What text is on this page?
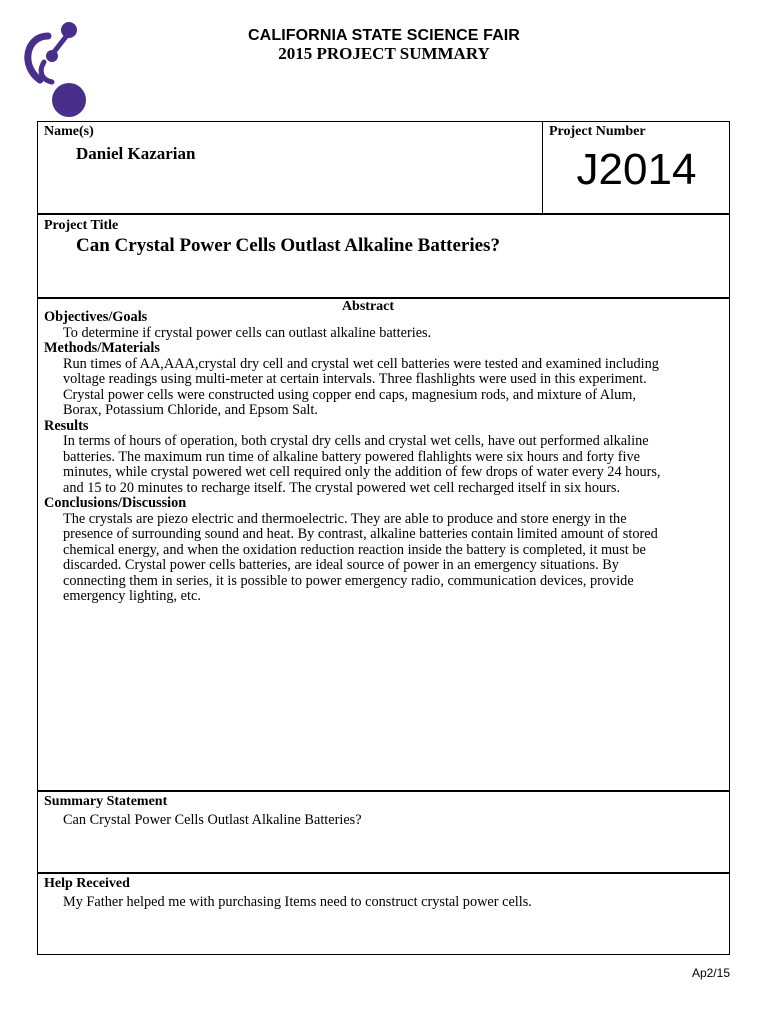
CALIFORNIA STATE SCIENCE FAIR
2015 PROJECT SUMMARY
Name(s)
Daniel Kazarian
Project Number
J2014
Project Title
Can Crystal Power Cells Outlast Alkaline Batteries?
Abstract
Objectives/Goals
To determine if crystal power cells can outlast alkaline batteries.
Methods/Materials
Run times of AA,AAA,crystal dry cell and crystal wet cell batteries were tested and examined including
voltage readings using multi-meter at certain intervals. Three flashlights were used in this experiment.
Crystal power cells were constructed using copper end caps, magnesium rods, and mixture of Alum,
Borax, Potassium Chloride, and Epsom Salt.
Results
In terms of hours of operation, both crystal dry cells and crystal wet cells, have out performed alkaline
batteries. The maximum run time of alkaline battery powered flahlights were six hours and forty five
minutes, while crystal powered wet cell required only the addition of few drops of water every 24 hours,
and 15 to 20 minutes to recharge itself. The crystal powered wet cell recharged itself in six hours.
Conclusions/Discussion
The crystals are piezo electric and thermoelectric. They are able to produce and store energy in the
presence of surrounding sound and heat. By contrast, alkaline batteries contain limited amount of stored
chemical energy, and when the oxidation reduction reaction inside the battery is completed, it must be
discarded. Crystal power cells batteries, are ideal source of power in an emergency situations. By
connecting them in series, it is possible to power emergency radio, communication devices, provide
emergency lighting, etc.
Summary Statement
Can Crystal Power Cells Outlast Alkaline Batteries?
Help Received
My Father helped me with purchasing Items need to construct crystal power cells.
Ap2/15
